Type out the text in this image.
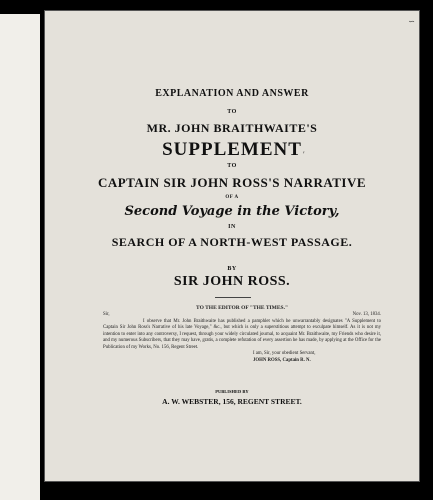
EXPLANATION AND ANSWER
TO
MR. JOHN BRAITHWAITE'S
SUPPLEMENT
TO
CAPTAIN SIR JOHN ROSS'S NARRATIVE
OF A
Second Voyage in the Victory,
IN
SEARCH OF A NORTH-WEST PASSAGE.
BY
SIR JOHN ROSS.
TO THE EDITOR OF "THE TIMES."
Sir,	Nov. 13, 1834.

I observe that Mr. John Braithwaite has published a pamphlet which he unwarrantably designates "A Supplement to Captain Sir John Ross's Narrative of his late Voyage," &c., but which is only a superstitious attempt to exculpate himself. As it is not my intention to enter into any controversy, I request, through your widely circulated journal, to acquaint Mr. Braithwaite, my Friends who desire it, and my numerous Subscribers, that they may have, gratis, a complete refutation of every assertion he has made, by applying at the Office for the Publication of my Works, No. 156, Regent Street.

I am, Sir, your obedient Servant,
JOHN ROSS, Captain R. N.
PUBLISHED BY
A. W. WEBSTER, 156, REGENT STREET.
∽
′
